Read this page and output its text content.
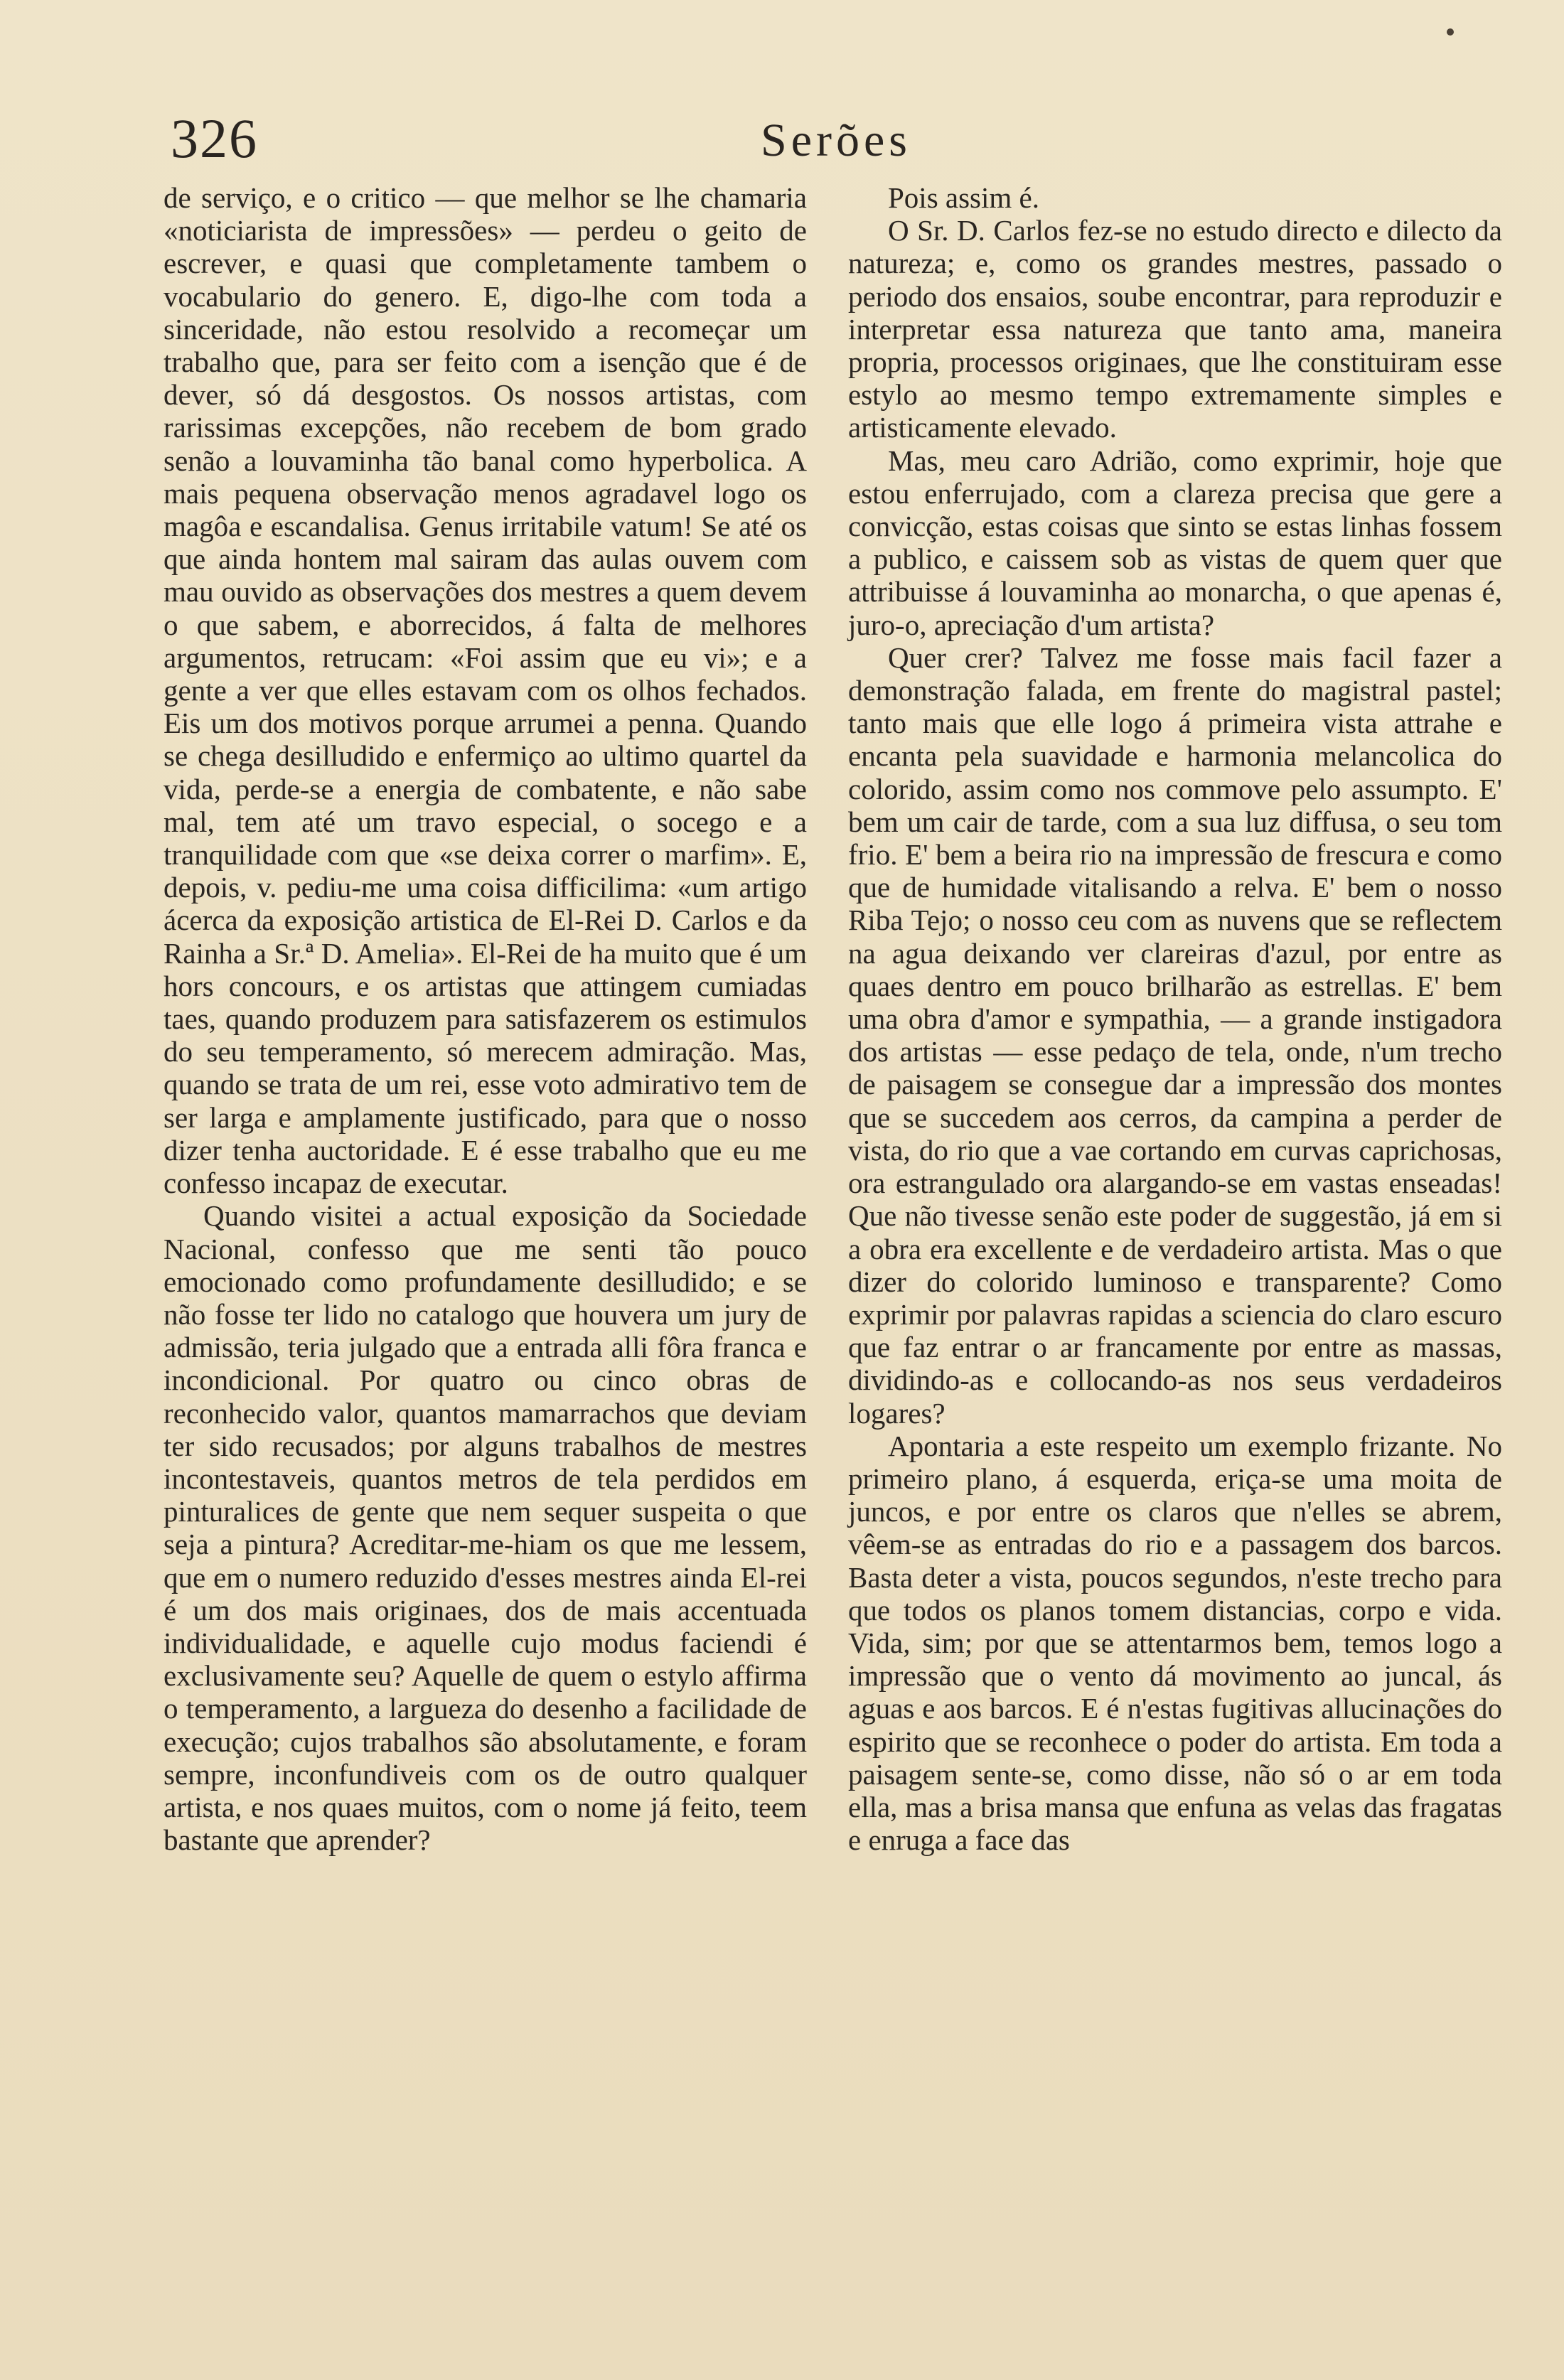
326	Serões

de serviço, e o critico — que melhor se lhe chamaria «noticiarista de impressões» — perdeu o geito de escrever, e quasi que completamente tambem o vocabulario do genero. E, digo-lhe com toda a sinceridade, não estou resolvido a recomeçar um trabalho que, para ser feito com a isenção que é de dever, só dá desgostos. Os nossos artistas, com rarissimas excepções, não recebem de bom grado senão a louvaminha tão banal como hyperbolica. A mais pequena observação menos agradavel logo os magôa e escandalisa. Genus irritabile vatum! Se até os que ainda hontem mal sairam das aulas ouvem com mau ouvido as observações dos mestres a quem devem o que sabem, e aborrecidos, á falta de melhores argumentos, retrucam: «Foi assim que eu vi»; e a gente a ver que elles estavam com os olhos fechados. Eis um dos motivos porque arrumei a penna. Quando se chega desilludido e enfermiço ao ultimo quartel da vida, perde-se a energia de combatente, e não sabe mal, tem até um travo especial, o socego e a tranquilidade com que «se deixa correr o marfim». E, depois, v. pediu-me uma coisa difficilima: «um artigo ácerca da exposição artistica de El-Rei D. Carlos e da Rainha a Sr.ª D. Amelia». El-Rei de ha muito que é um hors concours, e os artistas que attingem cumiadas taes, quando produzem para satisfazerem os estimulos do seu temperamento, só merecem admiração. Mas, quando se trata de um rei, esse voto admirativo tem de ser larga e amplamente justificado, para que o nosso dizer tenha auctoridade. E é esse trabalho que eu me confesso incapaz de executar.

Quando visitei a actual exposição da Sociedade Nacional, confesso que me senti tão pouco emocionado como profundamente desilludido; e se não fosse ter lido no catalogo que houvera um jury de admissão, teria julgado que a entrada alli fôra franca e incondicional. Por quatro ou cinco obras de reconhecido valor, quantos mamarrachos que deviam ter sido recusados; por alguns trabalhos de mestres incontestaveis, quantos metros de tela perdidos em pinturalices de gente que nem sequer suspeita o que seja a pintura? Acreditar-me-hiam os que me lessem, que em o numero reduzido d'esses mestres ainda El-rei é um dos mais originaes, dos de mais accentuada individualidade, e aquelle cujo modus faciendi é exclusivamente seu? Aquelle de quem o estylo affirma o temperamento, a largueza do desenho a facilidade de execução; cujos trabalhos são absolutamente, e foram sempre, inconfundiveis com os de outro qualquer artista, e nos quaes muitos, com o nome já feito, teem bastante que aprender?

Pois assim é.

O Sr. D. Carlos fez-se no estudo directo e dilecto da natureza; e, como os grandes mestres, passado o periodo dos ensaios, soube encontrar, para reproduzir e interpretar essa natureza que tanto ama, maneira propria, processos originaes, que lhe constituiram esse estylo ao mesmo tempo extremamente simples e artisticamente elevado.

Mas, meu caro Adrião, como exprimir, hoje que estou enferrujado, com a clareza precisa que gere a convicção, estas coisas que sinto se estas linhas fossem a publico, e caissem sob as vistas de quem quer que attribuisse á louvaminha ao monarcha, o que apenas é, juro-o, apreciação d'um artista?

Quer crer? Talvez me fosse mais facil fazer a demonstração falada, em frente do magistral pastel; tanto mais que elle logo á primeira vista attrahe e encanta pela suavidade e harmonia melancolica do colorido, assim como nos commove pelo assumpto. E' bem um cair de tarde, com a sua luz diffusa, o seu tom frio. E' bem a beira rio na impressão de frescura e como que de humidade vitalisando a relva. E' bem o nosso Riba Tejo; o nosso ceu com as nuvens que se reflectem na agua deixando ver clareiras d'azul, por entre as quaes dentro em pouco brilharão as estrellas. E' bem uma obra d'amor e sympathia, — a grande instigadora dos artistas — esse pedaço de tela, onde, n'um trecho de paisagem se consegue dar a impressão dos montes que se succedem aos cerros, da campina a perder de vista, do rio que a vae cortando em curvas caprichosas, ora estrangulado ora alargando-se em vastas enseadas! Que não tivesse senão este poder de suggestão, já em si a obra era excellente e de verdadeiro artista. Mas o que dizer do colorido luminoso e transparente? Como exprimir por palavras rapidas a sciencia do claro escuro que faz entrar o ar francamente por entre as massas, dividindo-as e collocando-as nos seus verdadeiros logares?

Apontaria a este respeito um exemplo frizante. No primeiro plano, á esquerda, eriça-se uma moita de juncos, e por entre os claros que n'elles se abrem, vêem-se as entradas do rio e a passagem dos barcos. Basta deter a vista, poucos segundos, n'este trecho para que todos os planos tomem distancias, corpo e vida. Vida, sim; por que se attentarmos bem, temos logo a impressão que o vento dá movimento ao juncal, ás aguas e aos barcos. E é n'estas fugitivas allucinações do espirito que se reconhece o poder do artista. Em toda a paisagem sente-se, como disse, não só o ar em toda ella, mas a brisa mansa que enfuna as velas das fragatas e enruga a face das
